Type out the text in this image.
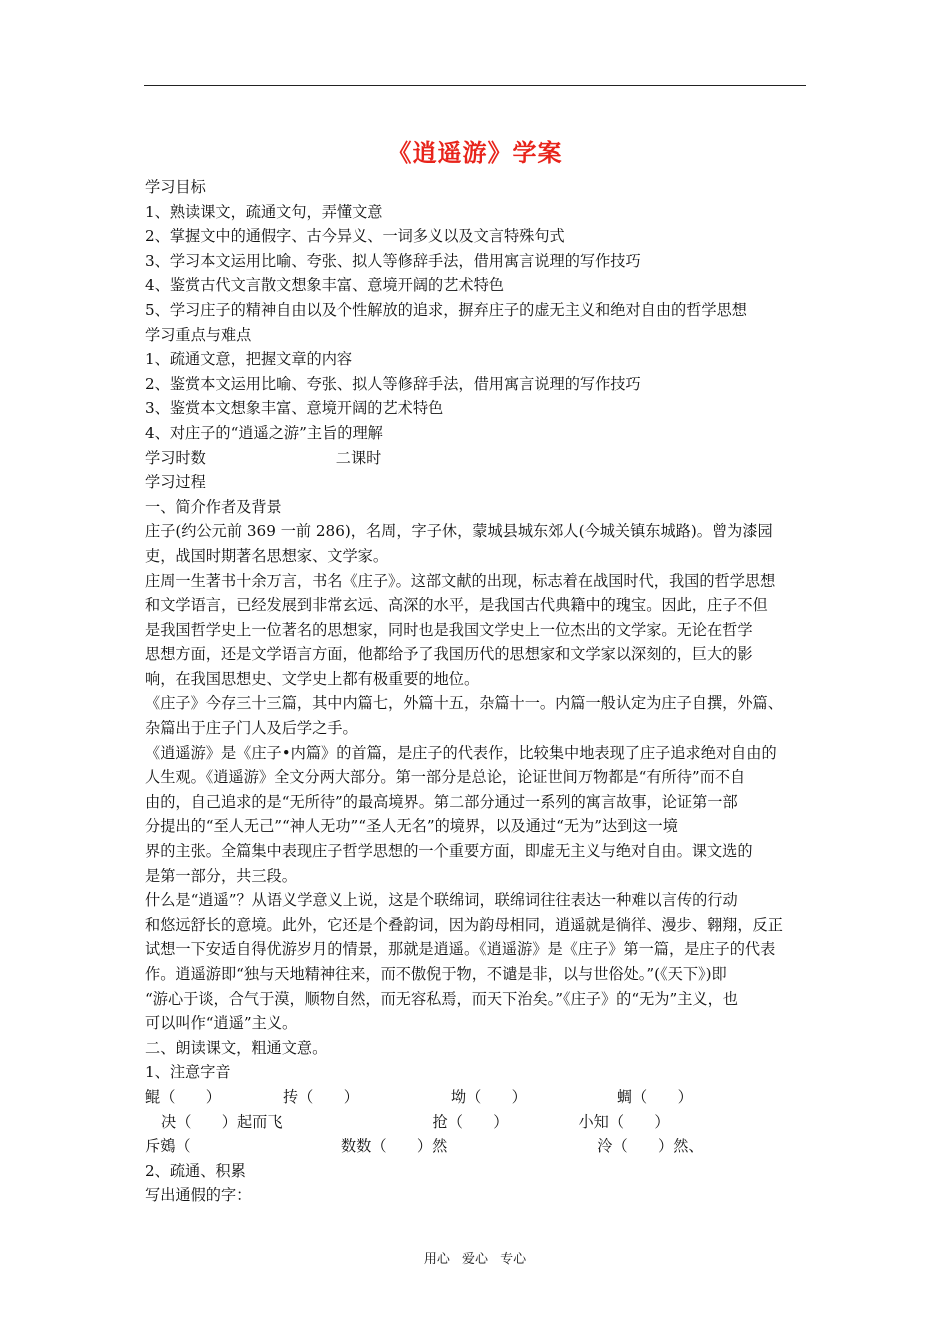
《逍遥游》学案
学习目标
1、熟读课文，疏通文句，弄懂文意
2、掌握文中的通假字、古今异义、一词多义以及文言特殊句式
3、学习本文运用比喻、夸张、拟人等修辞手法，借用寓言说理的写作技巧
4、鉴赏古代文言散文想象丰富、意境开阔的艺术特色
5、学习庄子的精神自由以及个性解放的追求，摒弃庄子的虚无主义和绝对自由的哲学思想
学习重点与难点
1、疏通文意，把握文章的内容
2、鉴赏本文运用比喻、夸张、拟人等修辞手法，借用寓言说理的写作技巧
3、鉴赏本文想象丰富、意境开阔的艺术特色
4、对庄子的“逍遥之游”主旨的理解
学习时数	二课时
学习过程
一、简介作者及背景
庄子(约公元前 369 一前 286)，名周，字子休，蒙城县城东郊人(今城关镇东城路)。曾为漆园
吏，战国时期著名思想家、文学家。
庄周一生著书十余万言，书名《庄子》。这部文献的出现，标志着在战国时代，我国的哲学思想
和文学语言，已经发展到非常玄远、高深的水平，是我国古代典籍中的瑰宝。因此，庄子不但
是我国哲学史上一位著名的思想家，同时也是我国文学史上一位杰出的文学家。无论在哲学
思想方面，还是文学语言方面，他都给予了我国历代的思想家和文学家以深刻的，巨大的影
响，在我国思想史、文学史上都有极重要的地位。
《庄子》今存三十三篇，其中内篇七，外篇十五，杂篇十一。内篇一般认定为庄子自撰，外篇、
杂篇出于庄子门人及后学之手。
《逍遥游》是《庄子•内篇》的首篇，是庄子的代表作，比较集中地表现了庄子追求绝对自由的
人生观。《逍遥游》全文分两大部分。第一部分是总论，论证世间万物都是“有所待”而不自
由的，自己追求的是“无所待”的最高境界。第二部分通过一系列的寓言故事，论证第一部
分提出的“至人无己”“神人无功”“圣人无名”的境界，以及通过“无为”达到这一境
界的主张。全篇集中表现庄子哲学思想的一个重要方面，即虚无主义与绝对自由。课文选的
是第一部分，共三段。
什么是“逍遥”？从语义学意义上说，这是个联绵词，联绵词往往表达一种难以言传的行动
和悠远舒长的意境。此外，它还是个叠韵词，因为韵母相同，逍遥就是徜徉、漫步、翱翔，反正
试想一下安适自得优游岁月的情景，那就是逍遥。《逍遥游》是《庄子》第一篇，是庄子的代表
作。逍遥游即“独与天地精神往来，而不傲倪于物，不谴是非，以与世俗处。”(《天下》)即
“游心于谈，合气于漠，顺物自然，而无容私焉，而天下治矣。”《庄子》的“无为”主义，也
可以叫作“逍遥”主义。
二、朗读课文，粗通文意。
1、注意字音
鲲（　　）	抟（　　）	坳（　　）	蜩（　　）
决（　　）起而飞	抢（　　）	小知（　　）
斥鴳（　　	数数（　　）然	泠（　　）然、
2、疏通、积累
写出通假的字：
用心 爱心 专心
